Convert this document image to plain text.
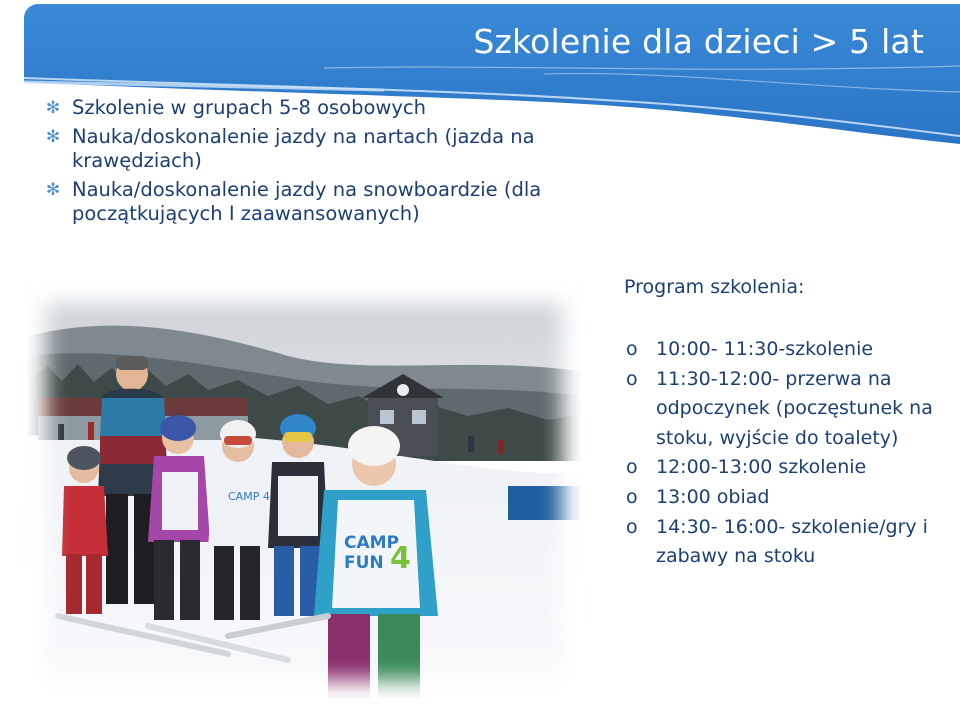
Szkolenie dla dzieci > 5 lat
✻ Szkolenie w grupach 5-8 osobowych
✻ Nauka/doskonalenie jazdy na nartach (jazda na krawędziach)
✻ Nauka/doskonalenie jazdy na snowboardzie (dla początkujących I zaawansowanych)
CAMP 4
CAMP
FUN 4
Program szkolenia:
o 10:00- 11:30-szkolenie
o 11:30-12:00- przerwa na odpoczynek (poczęstunek na stoku, wyjście do toalety)
o 12:00-13:00 szkolenie
o 13:00 obiad
o 14:30- 16:00- szkolenie/gry i zabawy na stoku
